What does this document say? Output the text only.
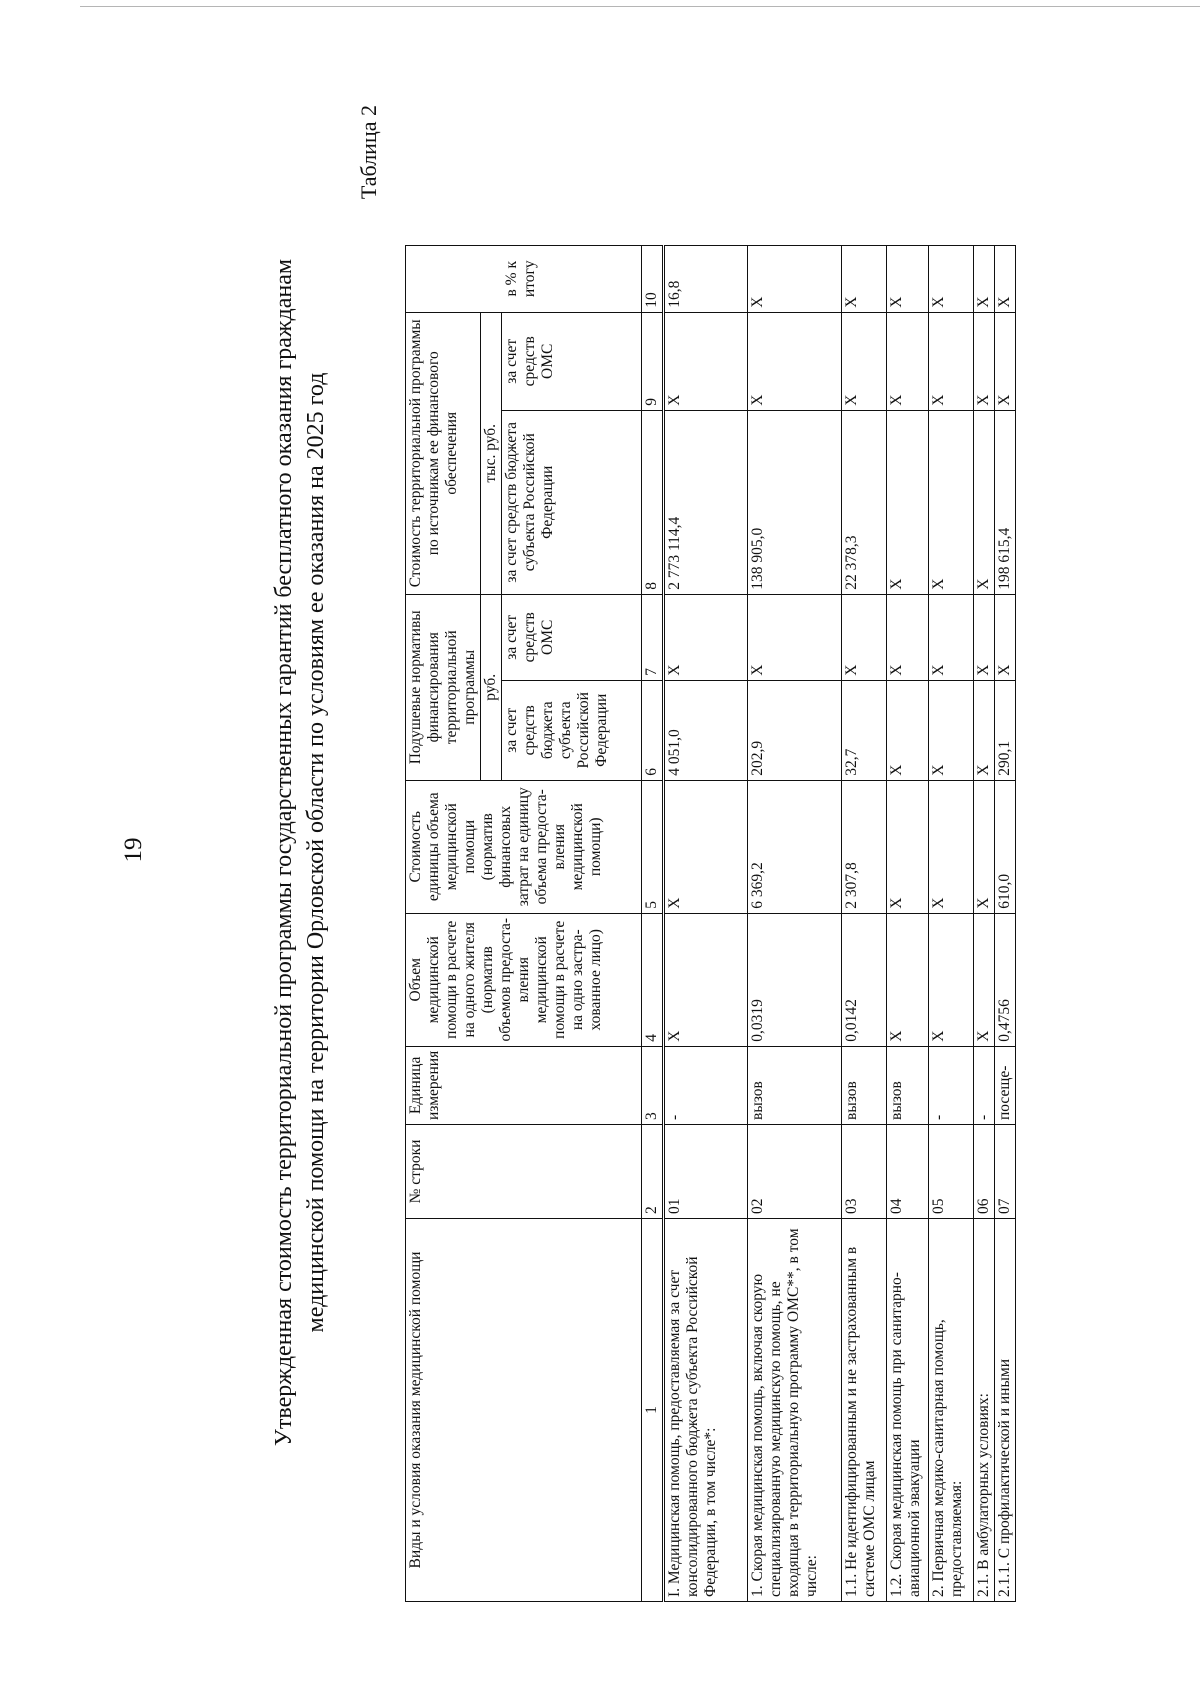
19	Утвержденная стоимость территориальной программы государственных гарантий бесплатного оказания гражданам медицинской помощи на территории Орловской области по условиям ее оказания на 2025 год
Таблица 2
Виды и условия оказания медицинской помощи	№ строки	Единица измерения	Объем медицинской помощи в расчете на одного жителя (норматив объемов предоста-вления медицинской помощи в расчете на одно застра-хованное лицо)	Стоимость единицы объема медицинской помощи (норматив финансовых затрат на единицу объема предоста-вления медицинской помощи)	Подушевые нормативы финансирования территориальной программы		Стоимость территориальной программы по источникам ее финансового обеспечения		
					руб.		тыс. руб.		
					за счет средств бюджета субъекта Российской Федерации	за счет средств ОМС	за счет средств бюджета субъекта Российской Федерации	за счет средств ОМС	в % к итогу
1	2	3	4	5	6	7	8	9	10
I. Медицинская помощь, предоставляемая за счет консолидированного бюджета субъекта Российской Федерации, в том числе*:	01	-	X	X	4 051,0	X	2 773 114,4	X	16,8
1. Скорая медицинская помощь, включая скорую специализированную медицинскую помощь, не входящая в территориальную программу ОМС**, в том числе:	02	вызов	0,0319	6 369,2	202,9	X	138 905,0	X	X
1.1. Не идентифицированным и не застрахованным в системе ОМС лицам	03	вызов	0,0142	2 307,8	32,7	X	22 378,3	X	X
1.2. Скорая медицинская помощь при санитарно-авиационной эвакуации	04	вызов	X	X	X	X	X	X	X
2. Первичная медико-санитарная помощь, предоставляемая:	05	-	X	X	X	X	X	X	X
2.1. В амбулаторных условиях:	06	-	X	X	X	X	X	X	X
2.1.1. С профилактической и иными	07	посеще-	0,4756	610,0	290,1	X	198 615,4	X	X
